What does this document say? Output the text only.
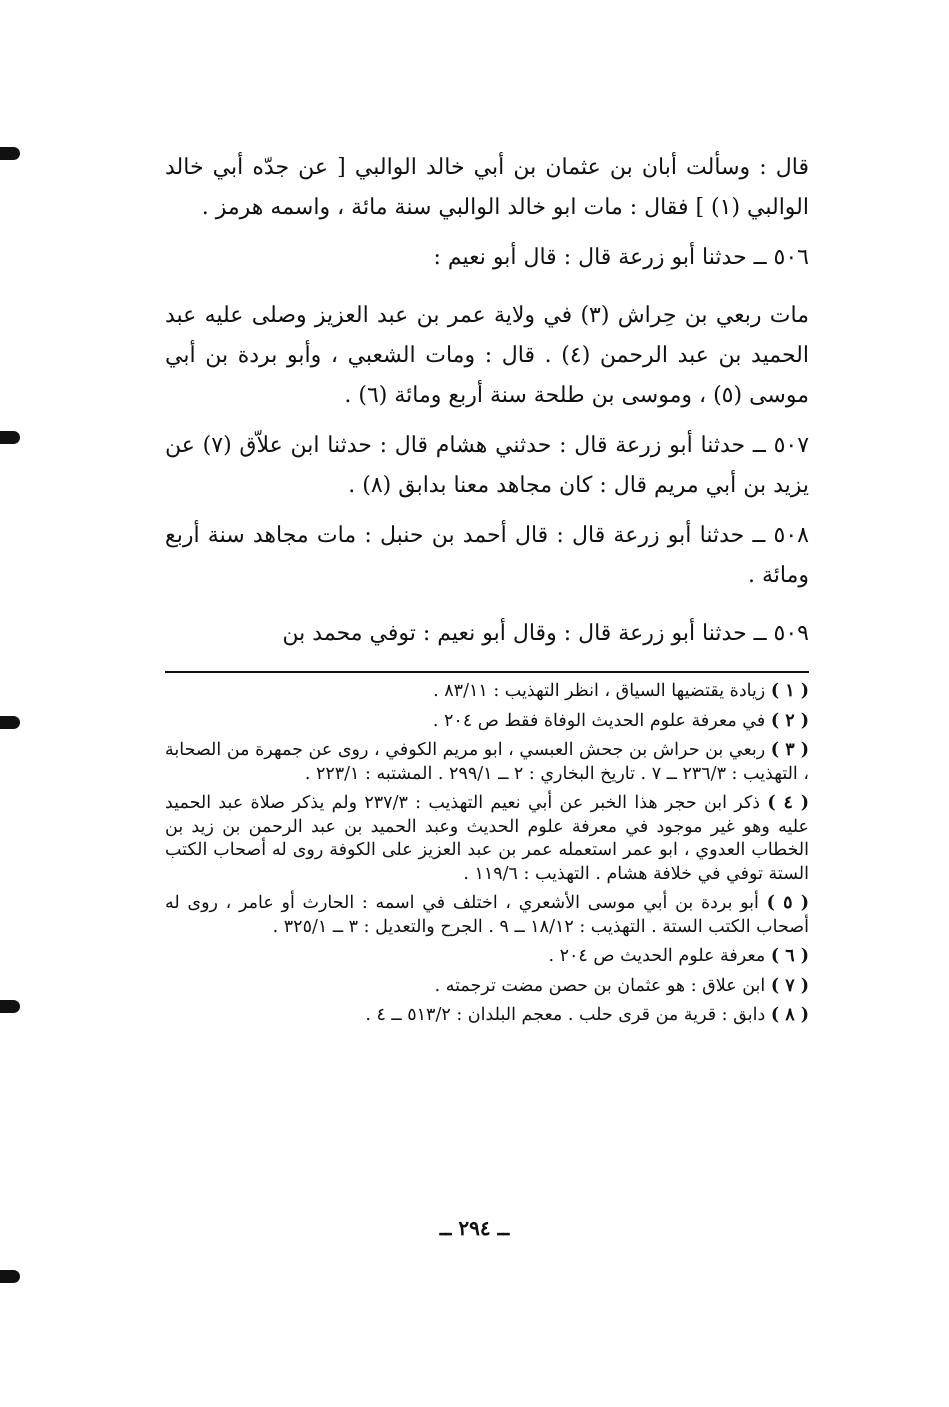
قال : وسألت أبان بن عثمان بن أبي خالد الوالبي [ عن جدّه أبي خالد الوالبي (١) ] فقال : مات ابو خالد الوالبي سنة مائة ، واسمه هرمز .

٥٠٦ ــ حدثنا أبو زرعة قال : قال أبو نعيم :

مات ربعي بن حِراش (٣) في ولاية عمر بن عبد العزيز وصلى عليه عبد الحميد بن عبد الرحمن (٤) . قال : ومات الشعبي ، وأبو بردة بن أبي موسى (٥) ، وموسى بن طلحة سنة أربع ومائة (٦) .

٥٠٧ ــ حدثنا أبو زرعة قال : حدثني هشام قال : حدثنا ابن علاّق (٧) عن يزيد بن أبي مريم قال : كان مجاهد معنا بدابق (٨) .

٥٠٨ ــ حدثنا أبو زرعة قال : قال أحمد بن حنبل : مات مجاهد سنة أربع ومائة .

٥٠٩ ــ حدثنا أبو زرعة قال : وقال أبو نعيم : توفي محمد بن

( ١ ) زيادة يقتضيها السياق ، انظر التهذيب : ٨٣/١١ .

( ٢ ) في معرفة علوم الحديث الوفاة فقط ص ٢٠٤ .

( ٣ ) ربعي بن حراش بن جحش العبسي ، ابو مريم الكوفي ، روى عن جمهرة من الصحابة ، التهذيب : ٢٣٦/٣ ــ ٧ . تاريخ البخاري : ٢ ــ ٢٩٩/١ . المشتبه : ٢٢٣/١ .

( ٤ ) ذكر ابن حجر هذا الخبر عن أبي نعيم التهذيب : ٢٣٧/٣ ولم يذكر صلاة عبد الحميد عليه وهو غير موجود في معرفة علوم الحديث وعبد الحميد بن عبد الرحمن بن زيد بن الخطاب العدوي ، ابو عمر استعمله عمر بن عبد العزيز على الكوفة روى له أصحاب الكتب الستة توفي في خلافة هشام . التهذيب : ١١٩/٦ .

( ٥ ) أبو بردة بن أبي موسى الأشعري ، اختلف في اسمه : الحارث أو عامر ، روى له أصحاب الكتب الستة . التهذيب : ١٨/١٢ ــ ٩ . الجرح والتعديل : ٣ ــ ٣٢٥/١ .

( ٦ ) معرفة علوم الحديث ص ٢٠٤ .

( ٧ ) ابن علاق : هو عثمان بن حصن مضت ترجمته .

( ٨ ) دابق : قرية من قرى حلب . معجم البلدان : ٥١٣/٢ ــ ٤ .

ــ ٢٩٤ ــ
